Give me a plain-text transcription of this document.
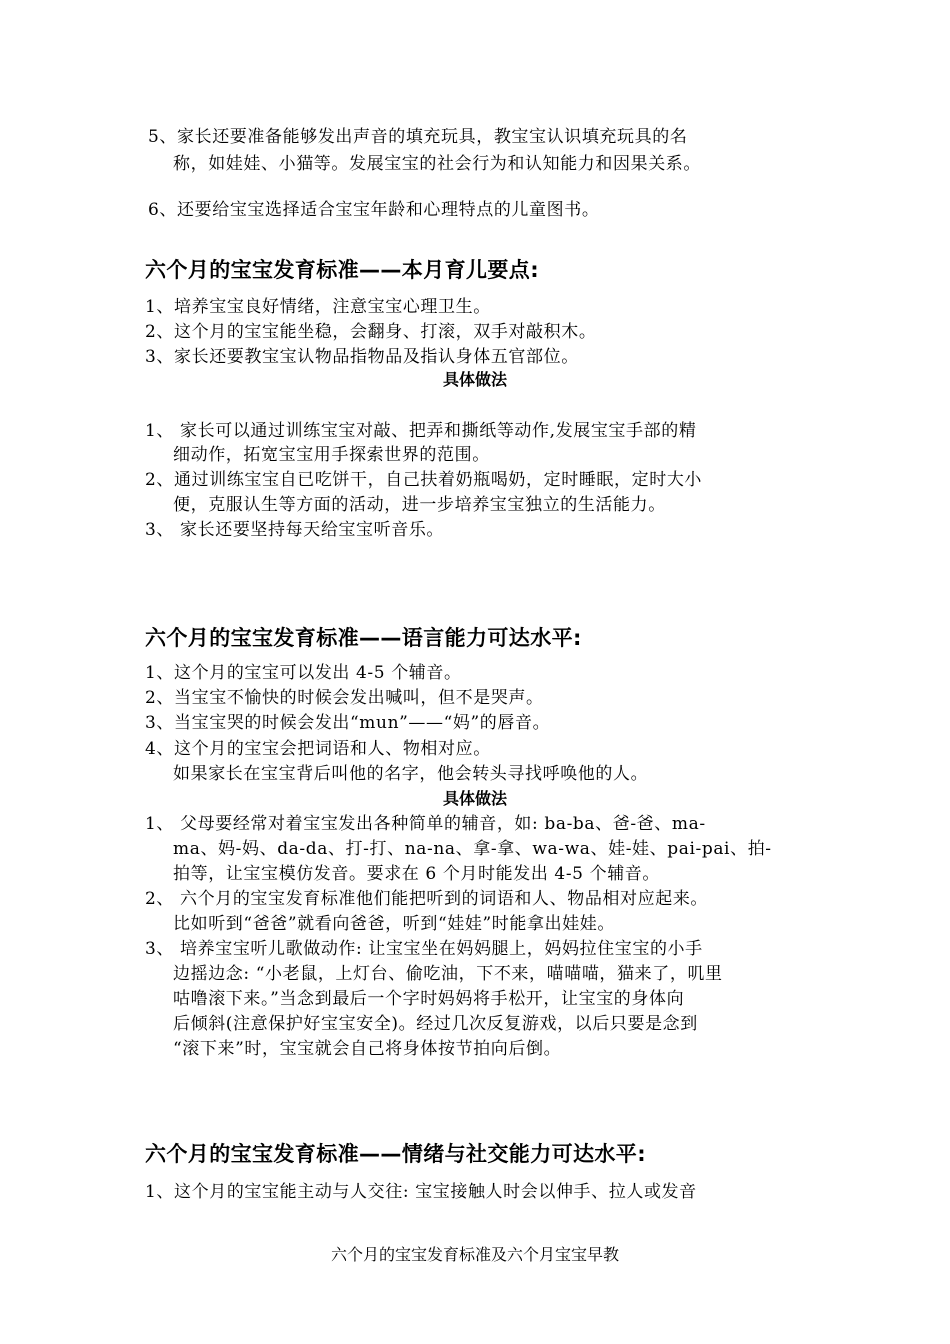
5、家长还要准备能够发出声音的填充玩具，教宝宝认识填充玩具的名
称，如娃娃、小猫等。发展宝宝的社会行为和认知能力和因果关系。
6、还要给宝宝选择适合宝宝年龄和心理特点的儿童图书。
六个月的宝宝发育标准——本月育儿要点:
1、培养宝宝良好情绪，注意宝宝心理卫生。
2、这个月的宝宝能坐稳，会翻身、打滚，双手对敲积木。
3、家长还要教宝宝认物品指物品及指认身体五官部位。
具体做法
1、 家长可以通过训练宝宝对敲、把弄和撕纸等动作,发展宝宝手部的精
细动作，拓宽宝宝用手探索世界的范围。
2、通过训练宝宝自已吃饼干，自己扶着奶瓶喝奶，定时睡眠，定时大小
便，克服认生等方面的活动，进一步培养宝宝独立的生活能力。
3、 家长还要坚持每天给宝宝听音乐。
六个月的宝宝发育标准——语言能力可达水平:
1、这个月的宝宝可以发出 4-5 个辅音。
2、当宝宝不愉快的时候会发出喊叫，但不是哭声。
3、当宝宝哭的时候会发出“mun”——“妈”的唇音。
4、这个月的宝宝会把词语和人、物相对应。
如果家长在宝宝背后叫他的名字，他会转头寻找呼唤他的人。
具体做法
1、 父母要经常对着宝宝发出各种简单的辅音，如: ba-ba、爸-爸、ma-
ma、妈-妈、da-da、打-打、na-na、拿-拿、wa-wa、娃-娃、pai-pai、拍-
拍等，让宝宝模仿发音。要求在 6 个月时能发出 4-5 个辅音。
2、 六个月的宝宝发育标准他们能把听到的词语和人、物品相对应起来。
比如听到“爸爸”就看向爸爸，听到“娃娃”时能拿出娃娃。
3、 培养宝宝听儿歌做动作: 让宝宝坐在妈妈腿上，妈妈拉住宝宝的小手
边摇边念: “小老鼠，上灯台、偷吃油，下不来，喵喵喵，猫来了，叽里
咕噜滚下来。”当念到最后一个字时妈妈将手松开，让宝宝的身体向
后倾斜(注意保护好宝宝安全)。经过几次反复游戏，以后只要是念到
“滚下来”时，宝宝就会自己将身体按节拍向后倒。
六个月的宝宝发育标准——情绪与社交能力可达水平:
1、这个月的宝宝能主动与人交往: 宝宝接触人时会以伸手、拉人或发音
六个月的宝宝发育标准及六个月宝宝早教
